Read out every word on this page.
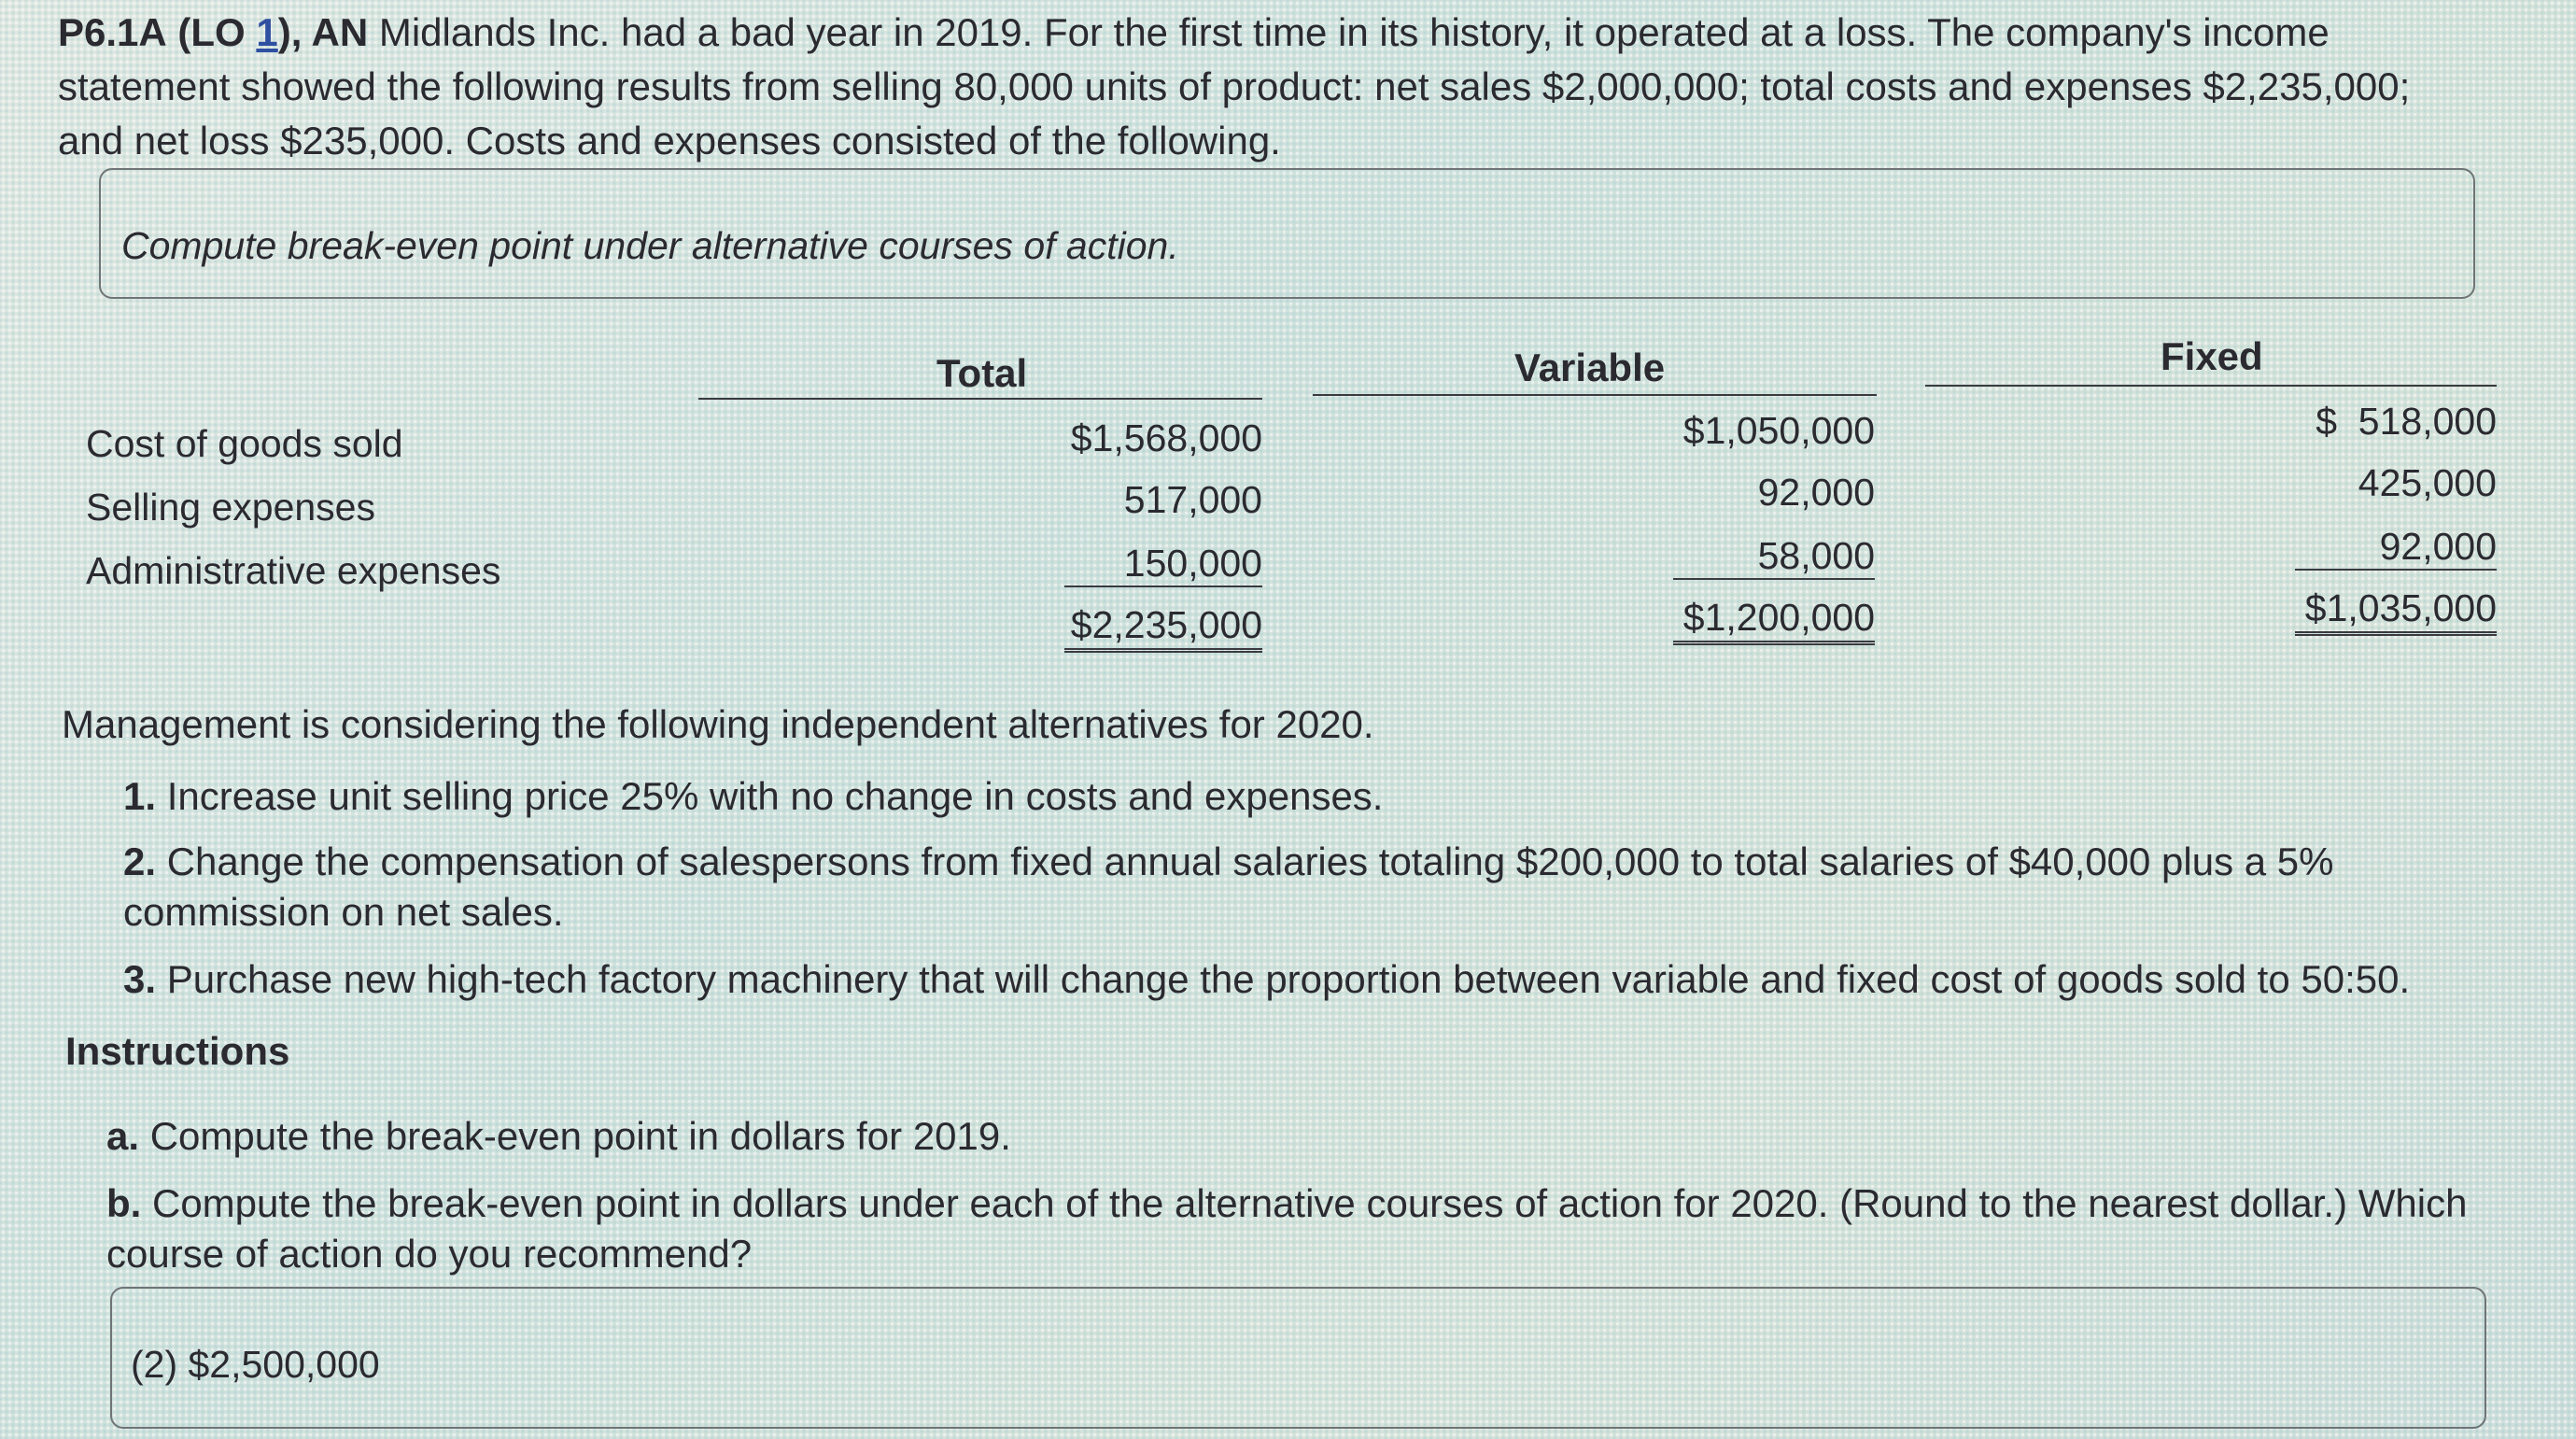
P6.1A (LO 1), AN Midlands Inc. had a bad year in 2019. For the first time in its history, it operated at a loss. The company's income statement showed the following results from selling 80,000 units of product: net sales $2,000,000; total costs and expenses $2,235,000; and net loss $235,000. Costs and expenses consisted of the following.
Compute break-even point under alternative courses of action.
Total	Variable	Fixed
Cost of goods sold
Selling expenses
Administrative expenses
$1,568,000
517,000
150,000
$2,235,000
$1,050,000
92,000
58,000
$1,200,000
$  518,000
425,000
92,000
$1,035,000
Management is considering the following independent alternatives for 2020.
1. Increase unit selling price 25% with no change in costs and expenses.
2. Change the compensation of salespersons from fixed annual salaries totaling $200,000 to total salaries of $40,000 plus a 5% commission on net sales.
3. Purchase new high-tech factory machinery that will change the proportion between variable and fixed cost of goods sold to 50:50.
Instructions
a. Compute the break-even point in dollars for 2019.
b. Compute the break-even point in dollars under each of the alternative courses of action for 2020. (Round to the nearest dollar.) Which course of action do you recommend?
(2) $2,500,000
